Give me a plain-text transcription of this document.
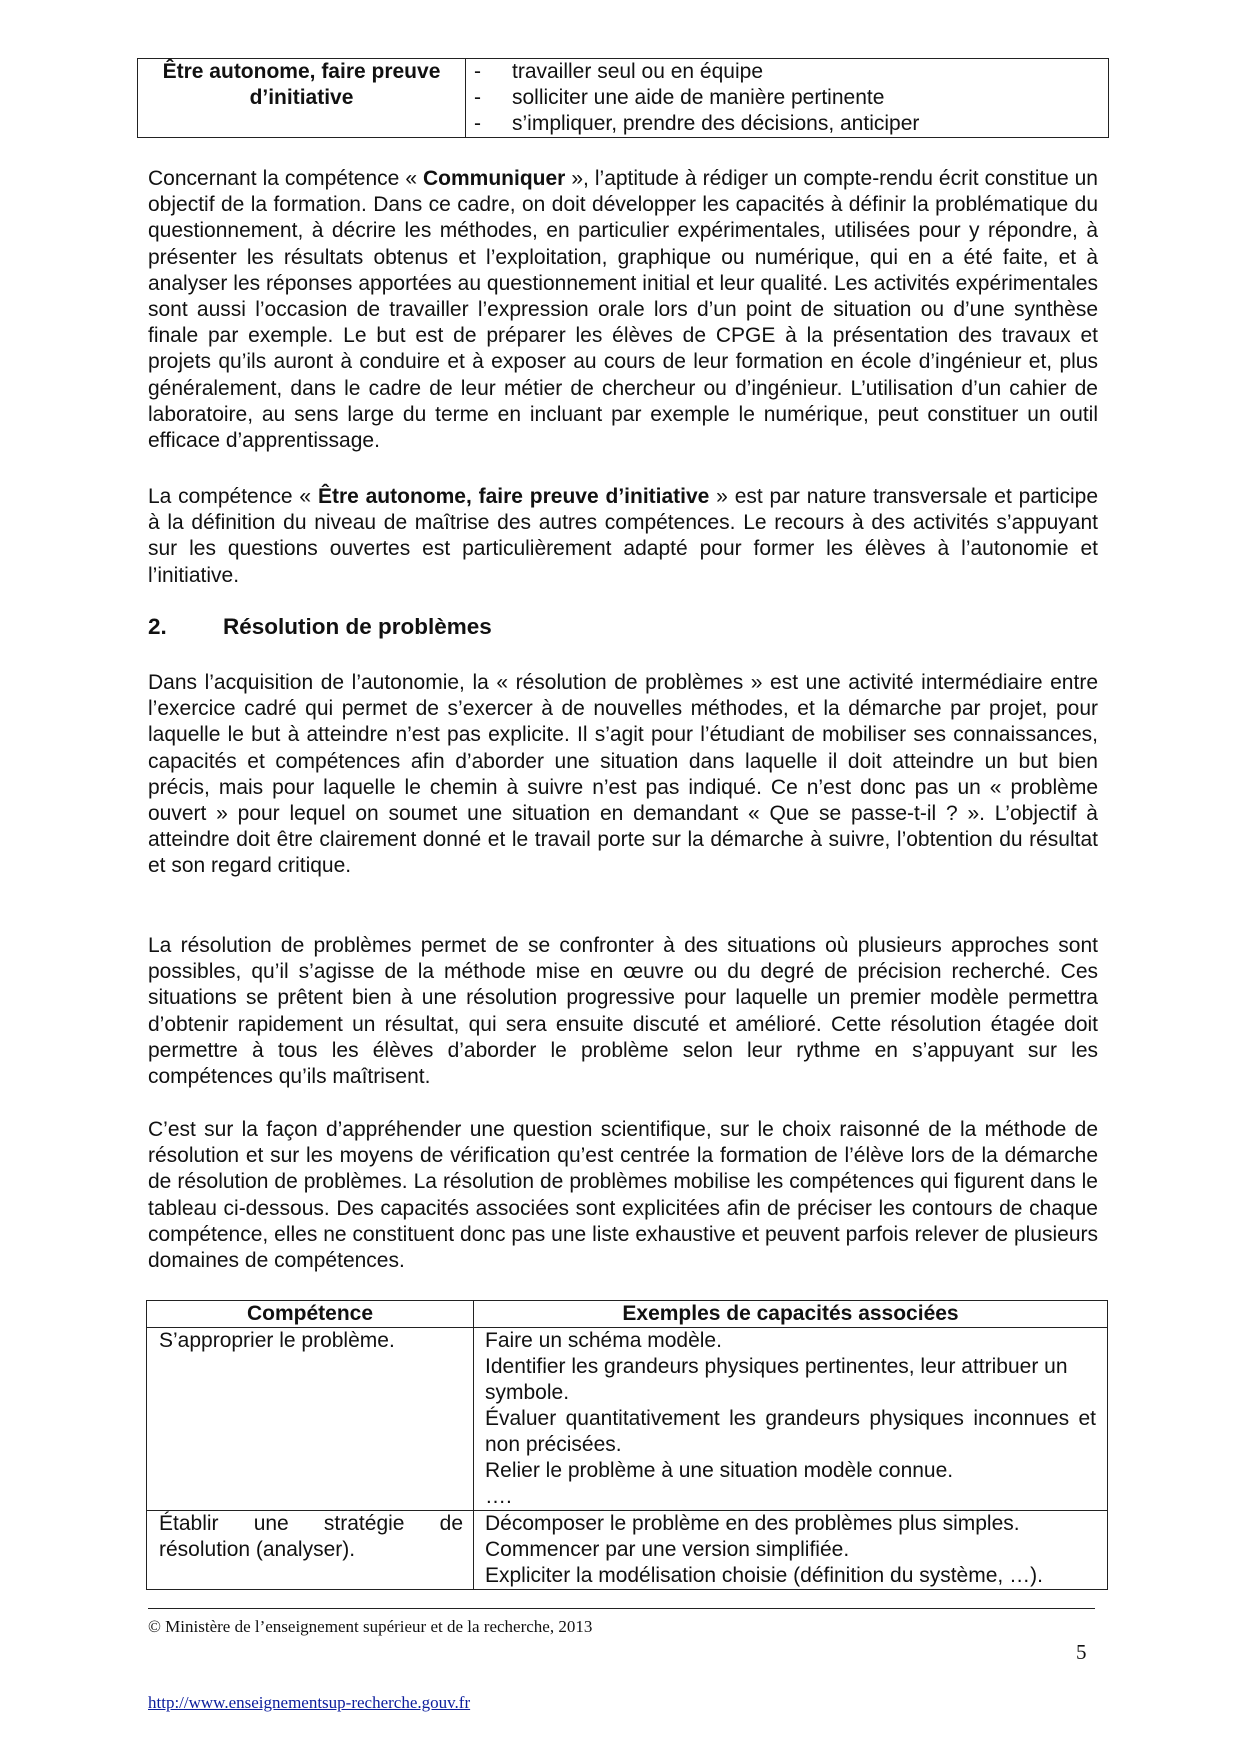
Être autonome, faire preuve d’initiative	
- travailler seul ou en équipe
- solliciter une aide de manière pertinente
- s’impliquer, prendre des décisions, anticiper

Concernant la compétence « Communiquer », l’aptitude à rédiger un compte-rendu écrit constitue un objectif de la formation. Dans ce cadre, on doit développer les capacités à définir la problématique du questionnement, à décrire les méthodes, en particulier expérimentales, utilisées pour y répondre, à présenter les résultats obtenus et l’exploitation, graphique ou numérique, qui en a été faite, et à analyser les réponses apportées au questionnement initial et leur qualité. Les activités expérimentales sont aussi l’occasion de travailler l’expression orale lors d’un point de situation ou d’une synthèse finale par exemple. Le but est de préparer les élèves de CPGE à la présentation des travaux et projets qu’ils auront à conduire et à exposer au cours de leur formation en école d’ingénieur et, plus généralement, dans le cadre de leur métier de chercheur ou d’ingénieur. L’utilisation d’un cahier de laboratoire, au sens large du terme en incluant par exemple le numérique, peut constituer un outil efficace d’apprentissage.

La compétence « Être autonome, faire preuve d’initiative » est par nature transversale et participe à la définition du niveau de maîtrise des autres compétences. Le recours à des activités s’appuyant sur les questions ouvertes est particulièrement adapté pour former les élèves à l’autonomie et l’initiative.

2. Résolution de problèmes

Dans l’acquisition de l’autonomie, la « résolution de problèmes » est une activité intermédiaire entre l’exercice cadré qui permet de s’exercer à de nouvelles méthodes, et la démarche par projet, pour laquelle le but à atteindre n’est pas explicite. Il s’agit pour l’étudiant de mobiliser ses connaissances, capacités et compétences afin d’aborder une situation dans laquelle il doit atteindre un but bien précis, mais pour laquelle le chemin à suivre n’est pas indiqué. Ce n’est donc pas un « problème ouvert » pour lequel on soumet une situation en demandant « Que se passe-t-il ? ». L’objectif à atteindre doit être clairement donné et le travail porte sur la démarche à suivre, l’obtention du résultat et son regard critique.

La résolution de problèmes permet de se confronter à des situations où plusieurs approches sont possibles, qu’il s’agisse de la méthode mise en œuvre ou du degré de précision recherché. Ces situations se prêtent bien à une résolution progressive pour laquelle un premier modèle permettra d’obtenir rapidement un résultat, qui sera ensuite discuté et amélioré. Cette résolution étagée doit permettre à tous les élèves d’aborder le problème selon leur rythme en s’appuyant sur les compétences qu’ils maîtrisent.

C’est sur la façon d’appréhender une question scientifique, sur le choix raisonné de la méthode de résolution et sur les moyens de vérification qu’est centrée la formation de l’élève lors de la démarche de résolution de problèmes. La résolution de problèmes mobilise les compétences qui figurent dans le tableau ci-dessous. Des capacités associées sont explicitées afin de préciser les contours de chaque compétence, elles ne constituent donc pas une liste exhaustive et peuvent parfois relever de plusieurs domaines de compétences.

Compétence	Exemples de capacités associées
S’approprier le problème.	Faire un schéma modèle.
Identifier les grandeurs physiques pertinentes, leur attribuer un symbole.
Évaluer quantitativement les grandeurs physiques inconnues et non précisées.
Relier le problème à une situation modèle connue.
….

Établir une stratégie de
résolution (analyser).	Décomposer le problème en des problèmes plus simples.
Commencer par une version simplifiée.
Expliciter la modélisation choisie (définition du système, …).
© Ministère de l’enseignement supérieur et de la recherche, 2013
5
http://www.enseignementsup-recherche.gouv.fr
